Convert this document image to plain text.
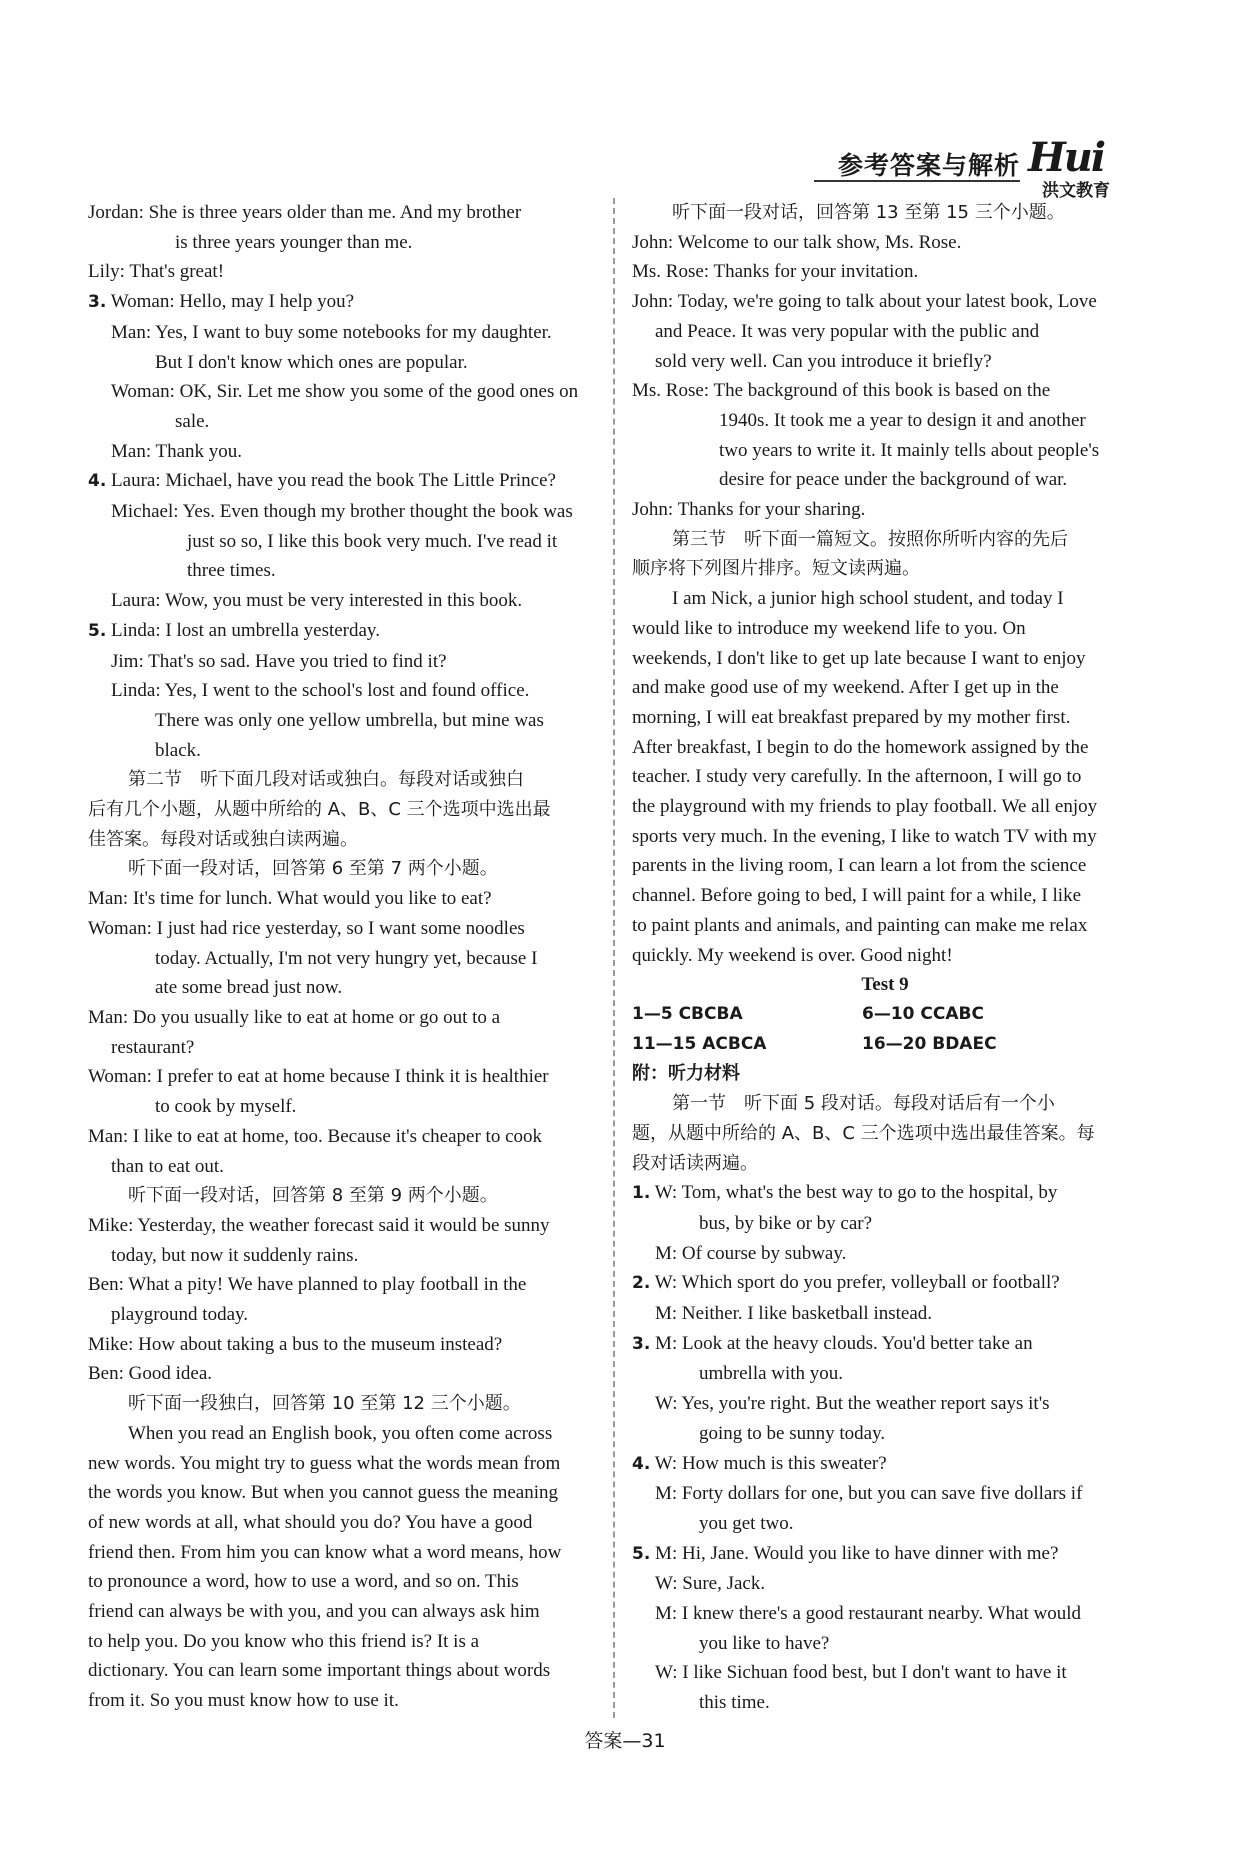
参考答案与解析 Hui
洪文教育
Jordan: She is three years older than me. And my brother
is three years younger than me.
Lily: That's great!
3. Woman: Hello, may I help you?
Man: Yes, I want to buy some notebooks for my daughter.
But I don't know which ones are popular.
Woman: OK, Sir. Let me show you some of the good ones on
sale.
Man: Thank you.
4. Laura: Michael, have you read the book The Little Prince?
Michael: Yes. Even though my brother thought the book was
just so so, I like this book very much. I've read it
three times.
Laura: Wow, you must be very interested in this book.
5. Linda: I lost an umbrella yesterday.
Jim: That's so sad. Have you tried to find it?
Linda: Yes, I went to the school's lost and found office.
There was only one yellow umbrella, but mine was
black.
第二节　听下面几段对话或独白。每段对话或独白
后有几个小题，从题中所给的 A、B、C 三个选项中选出最
佳答案。每段对话或独白读两遍。
听下面一段对话，回答第 6 至第 7 两个小题。
Man: It's time for lunch. What would you like to eat?
Woman: I just had rice yesterday, so I want some noodles
today. Actually, I'm not very hungry yet, because I
ate some bread just now.
Man: Do you usually like to eat at home or go out to a
restaurant?
Woman: I prefer to eat at home because I think it is healthier
to cook by myself.
Man: I like to eat at home, too. Because it's cheaper to cook
than to eat out.
听下面一段对话，回答第 8 至第 9 两个小题。
Mike: Yesterday, the weather forecast said it would be sunny
today, but now it suddenly rains.
Ben: What a pity! We have planned to play football in the
playground today.
Mike: How about taking a bus to the museum instead?
Ben: Good idea.
听下面一段独白，回答第 10 至第 12 三个小题。
When you read an English book, you often come across
new words. You might try to guess what the words mean from
the words you know. But when you cannot guess the meaning
of new words at all, what should you do? You have a good
friend then. From him you can know what a word means, how
to pronounce a word, how to use a word, and so on. This
friend can always be with you, and you can always ask him
to help you. Do you know who this friend is? It is a
dictionary. You can learn some important things about words
from it. So you must know how to use it.
听下面一段对话，回答第 13 至第 15 三个小题。
John: Welcome to our talk show, Ms. Rose.
Ms. Rose: Thanks for your invitation.
John: Today, we're going to talk about your latest book, Love
and Peace. It was very popular with the public and
sold very well. Can you introduce it briefly?
Ms. Rose: The background of this book is based on the
1940s. It took me a year to design it and another
two years to write it. It mainly tells about people's
desire for peace under the background of war.
John: Thanks for your sharing.
第三节　听下面一篇短文。按照你所听内容的先后
顺序将下列图片排序。短文读两遍。
I am Nick, a junior high school student, and today I
would like to introduce my weekend life to you. On
weekends, I don't like to get up late because I want to enjoy
and make good use of my weekend. After I get up in the
morning, I will eat breakfast prepared by my mother first.
After breakfast, I begin to do the homework assigned by the
teacher. I study very carefully. In the afternoon, I will go to
the playground with my friends to play football. We all enjoy
sports very much. In the evening, I like to watch TV with my
parents in the living room, I can learn a lot from the science
channel. Before going to bed, I will paint for a while, I like
to paint plants and animals, and painting can make me relax
quickly. My weekend is over. Good night!
Test 9
1—5 CBCBA	6—10 CCABC
11—15 ACBCA	16—20 BDAEC
附：听力材料
第一节　听下面 5 段对话。每段对话后有一个小
题，从题中所给的 A、B、C 三个选项中选出最佳答案。每
段对话读两遍。
1. W: Tom, what's the best way to go to the hospital, by
bus, by bike or by car?
M: Of course by subway.
2. W: Which sport do you prefer, volleyball or football?
M: Neither. I like basketball instead.
3. M: Look at the heavy clouds. You'd better take an
umbrella with you.
W: Yes, you're right. But the weather report says it's
going to be sunny today.
4. W: How much is this sweater?
M: Forty dollars for one, but you can save five dollars if
you get two.
5. M: Hi, Jane. Would you like to have dinner with me?
W: Sure, Jack.
M: I knew there's a good restaurant nearby. What would
you like to have?
W: I like Sichuan food best, but I don't want to have it
this time.
答案—31
